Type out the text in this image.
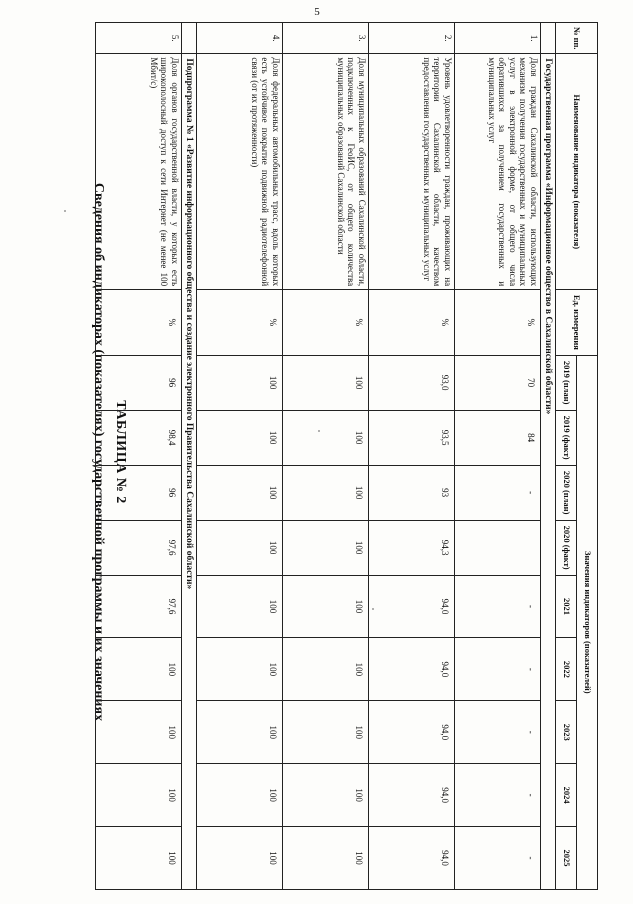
5
ТАБЛИЦА № 2
Сведения об индикаторах (показателях) государственной программы и их значениях
№ пп.	Наименование индикатора (показателя)	Ед. измерения	Значения индикаторов (показателей)								
			2019 (план)	2019 (факт)	2020 (план)	2020 (факт)	2021	2022	2023	2024	2025
	Государственная программа «Информационное общество в Сахалинской области»										
1.	Доля граждан Сахалинской области, использующих механизм получения государственных и муниципальных услуг в электронной форме, от общего числа обратившихся за получением государственных и муниципальных услуг	%	70	84	-		-	-	-	-	-
2.	Уровень удовлетворенности граждан, проживающих на территории Сахалинской области, качеством предоставления государственных и муниципальных услуг	%	93,0	93,5	93	94,3	94,0	94,0	94,0	94,0	94,0
3.	Доля муниципальных образований Сахалинской области, подключенных к ГеоИС, от общего количества муниципальных образований Сахалинской области	%	100	100	100	100	100	100	100	100	100
4.	Доля федеральных автомобильных трасс, вдоль которых есть устойчивое покрытие подвижной радиотелефонной связи (от их протяженности)	%	100	100	100	100	100	100	100	100	100
	Подпрограмма № 1 «Развитие информационного общества и создание электронного Правительства Сахалинской области»										
5.	Доля органов государственной власти, у которых есть широкополосный доступ к сети Интернет (не менее 100 Мбит/с)	%	96	98,4	96	97,6	97,6	100	100	100	100
